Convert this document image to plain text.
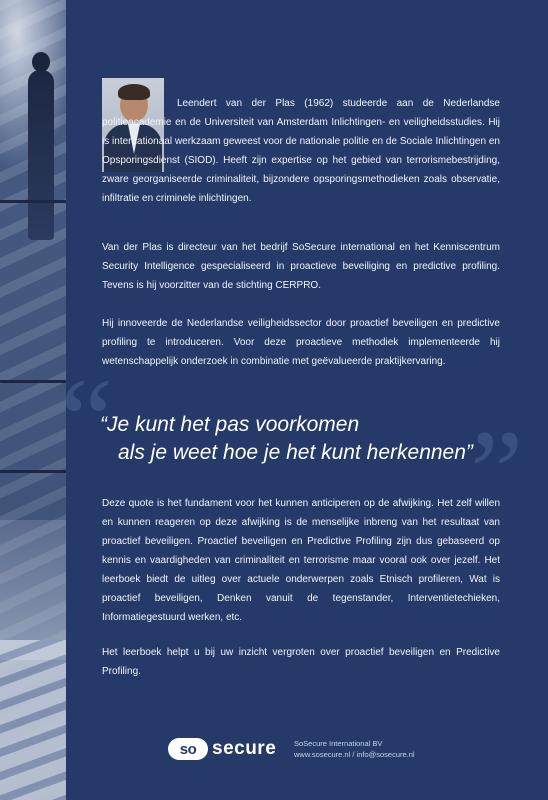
Leendert van der Plas (1962) studeerde aan de Nederlandse politieacademie en de Universiteit van Amsterdam Inlichtingen- en veiligheidsstudies. Hij is internationaal werkzaam geweest voor de nationale politie en de Sociale Inlichtingen en Opsporingsdienst (SIOD). Heeft zijn expertise op het gebied van terrorismebestrijding, zware georganiseerde criminaliteit, bijzondere opsporingsmethodieken zoals observatie, infiltratie en criminele inlichtingen.

Van der Plas is directeur van het bedrijf SoSecure international en het Kenniscentrum Security Intelligence gespecialiseerd in proactieve beveiliging en predictive profiling. Tevens is hij voorzitter van de stichting CERPRO.

Hij innoveerde de Nederlandse veiligheidssector door proactief beveiligen en predictive profiling te introduceren. Voor deze proactieve methodiek implementeerde hij wetenschappelijk onderzoek in combinatie met geëvalueerde praktijkervaring.

“	”

“Je kunt het pas voorkomen

als je weet hoe je het kunt herkennen”

Deze quote is het fundament voor het kunnen anticiperen op de afwijking. Het zelf willen en kunnen reageren op deze afwijking is de menselijke inbreng van het resultaat van proactief beveiligen. Proactief beveiligen en Predictive Profiling zijn dus gebaseerd op kennis en vaardigheden van criminaliteit en terrorisme maar vooral ook over jezelf. Het leerboek biedt de uitleg over actuele onderwerpen zoals Etnisch profileren, Wat is proactief beveiligen, Denken vanuit de tegenstander, Interventietechieken, Informatiegestuurd werken, etc.

Het leerboek helpt u bij uw inzicht vergroten over proactief beveiligen en Predictive Profiling.

so secure SoSecure International BV
www.sosecure.nl / info@sosecure.nl
